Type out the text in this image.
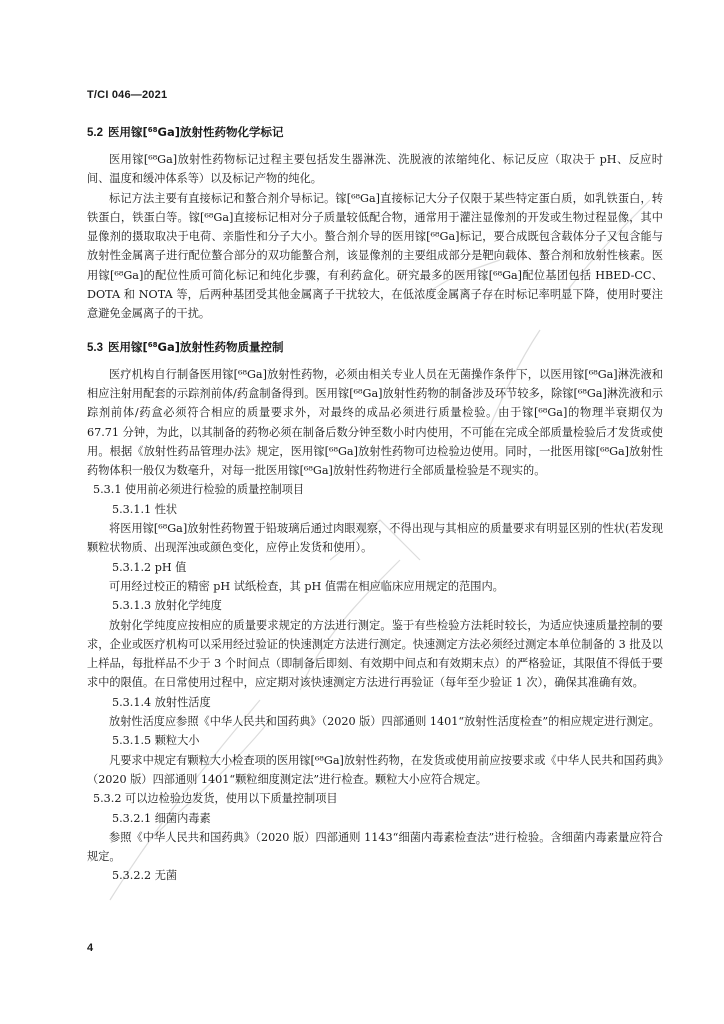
T/CI 046—2021
5.2 医用镓[$^{68}$Ga]放射性药物化学标记

医用镓[⁶⁸Ga]放射性药物标记过程主要包括发生器淋洗、洗脱液的浓缩纯化、标记反应（取决于 pH、反应时间、温度和缓冲体系等）以及标记产物的纯化。

标记方法主要有直接标记和螯合剂介导标记。镓[⁶⁸Ga]直接标记大分子仅限于某些特定蛋白质，如乳铁蛋白，转铁蛋白，铁蛋白等。镓[⁶⁸Ga]直接标记相对分子质量较低配合物，通常用于灌注显像剂的开发或生物过程显像，其中显像剂的摄取取决于电荷、亲脂性和分子大小。螯合剂介导的医用镓[⁶⁸Ga]标记，要合成既包含载体分子又包含能与放射性金属离子进行配位螯合部分的双功能螯合剂，该显像剂的主要组成部分是靶向载体、螯合剂和放射性核素。医用镓[⁶⁸Ga]的配位性质可简化标记和纯化步骤，有利药盒化。研究最多的医用镓[⁶⁸Ga]配位基团包括 HBED-CC、DOTA 和 NOTA 等，后两种基团受其他金属离子干扰较大，在低浓度金属离子存在时标记率明显下降，使用时要注意避免金属离子的干扰。

5.3 医用镓[$^{68}$Ga]放射性药物质量控制

医疗机构自行制备医用镓[⁶⁸Ga]放射性药物，必须由相关专业人员在无菌操作条件下，以医用镓[⁶⁸Ga]淋洗液和相应注射用配套的示踪剂前体/药盒制备得到。医用镓[⁶⁸Ga]放射性药物的制备涉及环节较多，除镓[⁶⁸Ga]淋洗液和示踪剂前体/药盒必须符合相应的质量要求外，对最终的成品必须进行质量检验。由于镓[⁶⁸Ga]的物理半衰期仅为 67.71 分钟，为此，以其制备的药物必须在制备后数分钟至数小时内使用，不可能在完成全部质量检验后才发货或使用。根据《放射性药品管理办法》规定，医用镓[⁶⁸Ga]放射性药物可边检验边使用。同时，一批医用镓[⁶⁸Ga]放射性药物体积一般仅为数毫升，对每一批医用镓[⁶⁸Ga]放射性药物进行全部质量检验是不现实的。

5.3.1 使用前必须进行检验的质量控制项目

5.3.1.1 性状

将医用镓[⁶⁸Ga]放射性药物置于铅玻璃后通过肉眼观察，不得出现与其相应的质量要求有明显区别的性状(若发现颗粒状物质、出现浑浊或颜色变化，应停止发货和使用）。

5.3.1.2 pH 值

可用经过校正的精密 pH 试纸检查，其 pH 值需在相应临床应用规定的范围内。

5.3.1.3 放射化学纯度

放射化学纯度应按相应的质量要求规定的方法进行测定。鉴于有些检验方法耗时较长，为适应快速质量控制的要求，企业或医疗机构可以采用经过验证的快速测定方法进行测定。快速测定方法必须经过测定本单位制备的 3 批及以上样品，每批样品不少于 3 个时间点（即制备后即刻、有效期中间点和有效期末点）的严格验证，其限值不得低于要求中的限值。在日常使用过程中，应定期对该快速测定方法进行再验证（每年至少验证 1 次），确保其准确有效。

5.3.1.4 放射性活度

放射性活度应参照《中华人民共和国药典》（2020 版）四部通则 1401“放射性活度检查”的相应规定进行测定。

5.3.1.5 颗粒大小

凡要求中规定有颗粒大小检查项的医用镓[⁶⁸Ga]放射性药物，在发货或使用前应按要求或《中华人民共和国药典》（2020 版）四部通则 1401“颗粒细度测定法”进行检查。颗粒大小应符合规定。

5.3.2 可以边检验边发货，使用以下质量控制项目

5.3.2.1 细菌内毒素

参照《中华人民共和国药典》（2020 版）四部通则 1143“细菌内毒素检查法”进行检验。含细菌内毒素量应符合规定。

5.3.2.2 无菌

4
